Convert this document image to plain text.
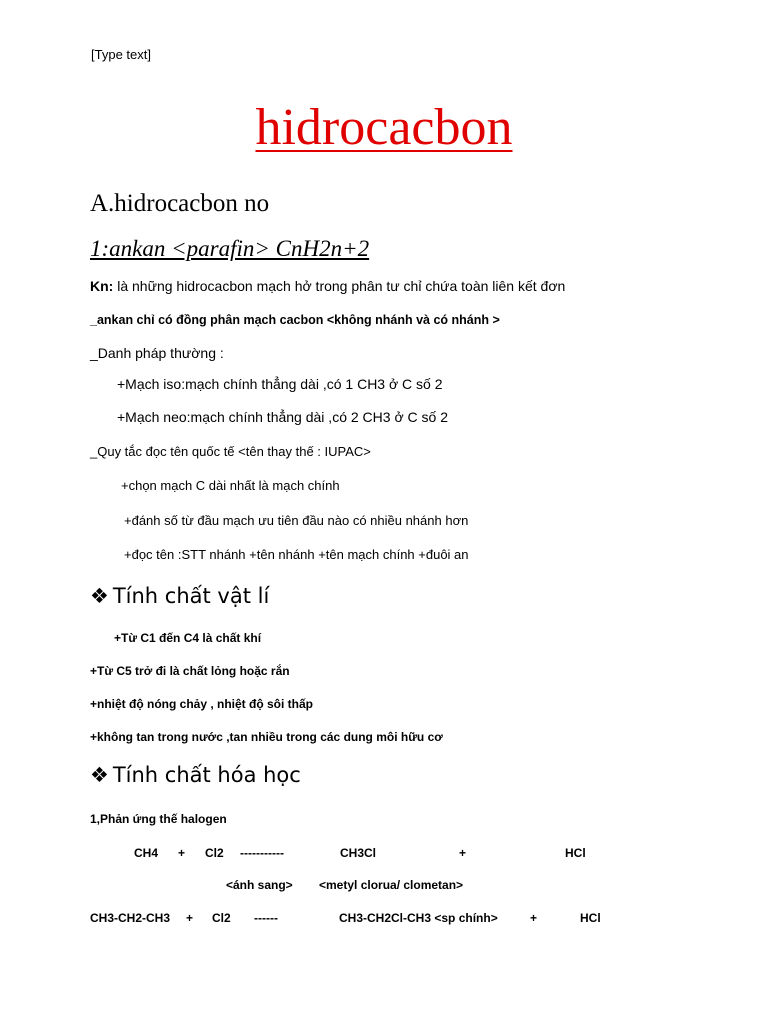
[Type text]
hidrocacbon
A.hidrocacbon no
1:ankan <parafin> CnH2n+2
Kn: là những hidrocacbon mạch hở trong phân tư chỉ chứa toàn liên kết đơn
_ankan chỉ có đồng phân mạch cacbon <không nhánh và có nhánh >
_Danh pháp thường :
+Mạch iso:mạch chính thẳng dài ,có 1 CH3 ở C số 2
+Mạch neo:mạch chính thẳng dài ,có 2 CH3 ở C số 2
_Quy tắc đọc tên quốc tế <tên thay thế : IUPAC>
+chọn mạch C dài nhất là mạch chính
+đánh số từ đầu mạch ưu tiên đầu nào có nhiều nhánh hơn
+đọc tên :STT nhánh +tên nhánh +tên mạch chính +đuôi an
❖ Tính chất vật lí
+Từ C1 đến C4 là chất khí
+Từ C5 trở đi là chất lỏng hoặc rắn
+nhiệt độ nóng chảy , nhiệt độ sôi thấp
+không tan trong nước ,tan nhiều trong các dung môi hữu cơ
❖ Tính chất hóa học
1,Phản ứng thế halogen
CH4 + Cl2 -----------	CH3Cl	+	HCl
<ánh sang> <metyl clorua/ clometan>
CH3-CH2-CH3 + Cl2 ------	CH3-CH2Cl-CH3 <sp chính>	+	HCl
